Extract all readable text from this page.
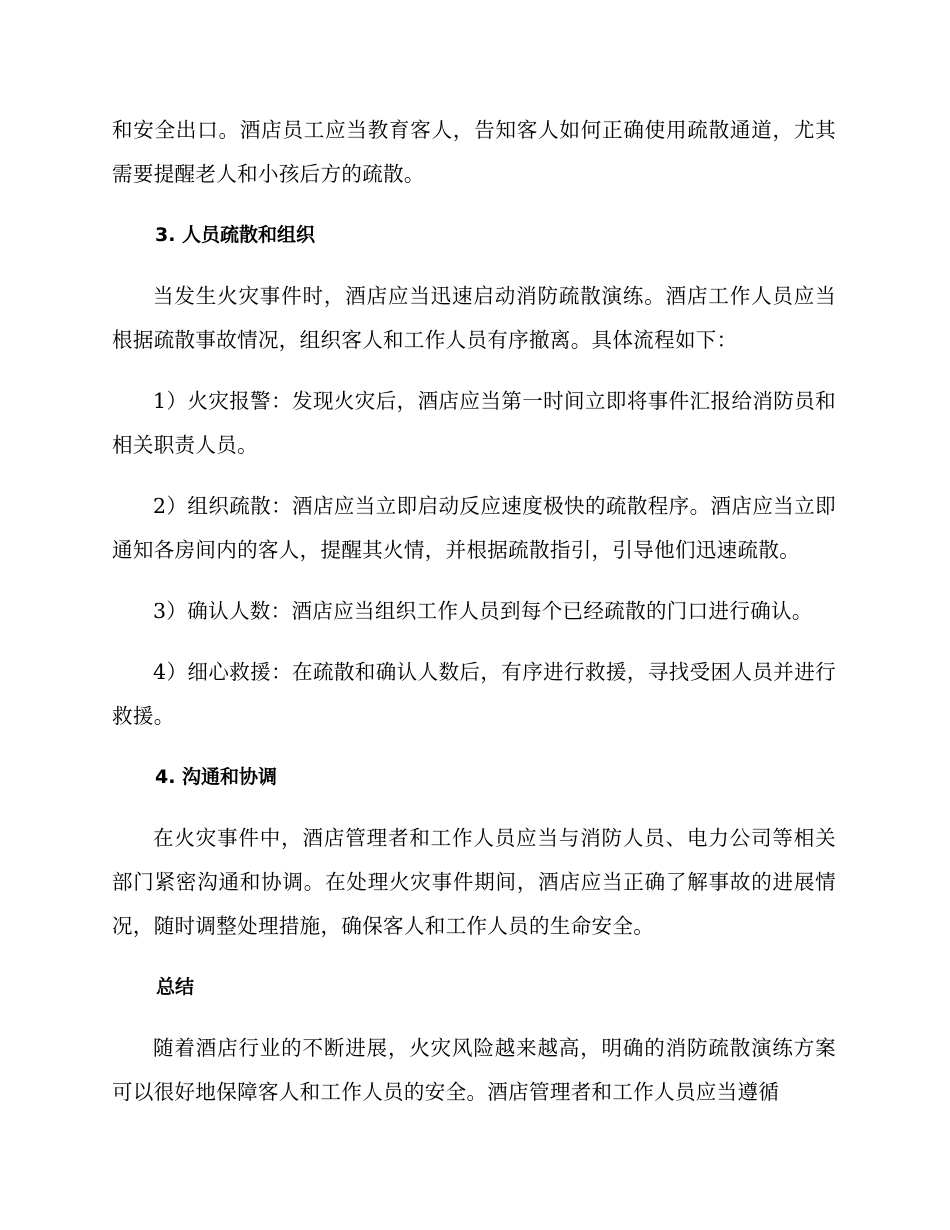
和安全出口。酒店员工应当教育客人，告知客人如何正确使用疏散通道，尤其需要提醒老人和小孩后方的疏散。

3. 人员疏散和组织

当发生火灾事件时，酒店应当迅速启动消防疏散演练。酒店工作人员应当根据疏散事故情况，组织客人和工作人员有序撤离。具体流程如下：

1）火灾报警：发现火灾后，酒店应当第一时间立即将事件汇报给消防员和相关职责人员。

2）组织疏散：酒店应当立即启动反应速度极快的疏散程序。酒店应当立即通知各房间内的客人，提醒其火情，并根据疏散指引，引导他们迅速疏散。

3）确认人数：酒店应当组织工作人员到每个已经疏散的门口进行确认。

4）细心救援：在疏散和确认人数后，有序进行救援，寻找受困人员并进行救援。

4. 沟通和协调

在火灾事件中，酒店管理者和工作人员应当与消防人员、电力公司等相关部门紧密沟通和协调。在处理火灾事件期间，酒店应当正确了解事故的进展情况，随时调整处理措施，确保客人和工作人员的生命安全。

总结

随着酒店行业的不断进展，火灾风险越来越高，明确的消防疏散演练方案可以很好地保障客人和工作人员的安全。酒店管理者和工作人员应当遵循
